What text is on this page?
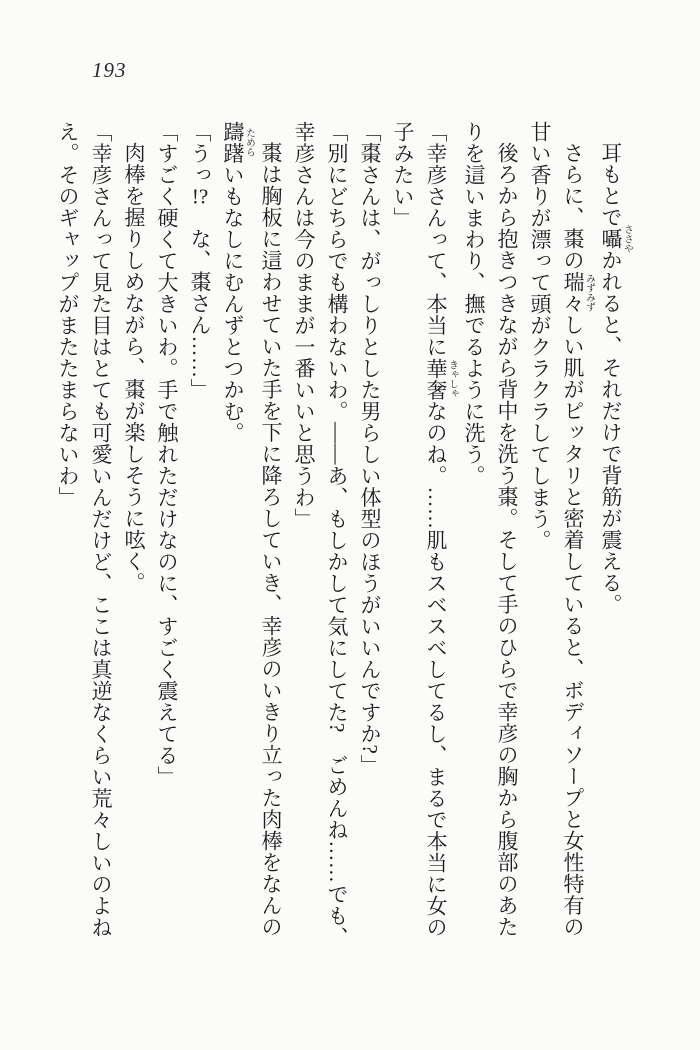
193

耳もとで囁 ささやかれると、それだけで背筋が震える。

さらに、棗の瑞々 みずみずしい肌がピッタリと密着していると、ボディソープと女性特有の

甘い香りが漂って頭がクラクラしてしまう。

後ろから抱きつきながら背中を洗う棗。そして手のひらで幸彦の胸から腹部のあた

りを這いまわり、撫でるように洗う。

「幸彦さんって、本当に華奢 きゃしゃなのね。……肌もスベスベしてるし、まるで本当に女の

子みたい」

「棗さんは、がっしりとした男らしい体型のほうがいいんですか?」

「別にどちらでも構わないわ。――あ、もしかして気にしてた?　ごめんね……でも、

幸彦さんは今のままが一番いいと思うわ」

棗は胸板に這わせていた手を下に降ろしていき、幸彦のいきり立った肉棒をなんの

躊躇 ためらいもなしにむんずとつかむ。

「うっ!?　な、棗さん……」

「すごく硬くて大きいわ。手で触れただけなのに、すごく震えてる」

肉棒を握りしめながら、棗が楽しそうに呟く。

「幸彦さんって見た目はとても可愛いんだけど、ここは真逆なくらい荒々しいのよね

え。そのギャップがまたたまらないわ」
